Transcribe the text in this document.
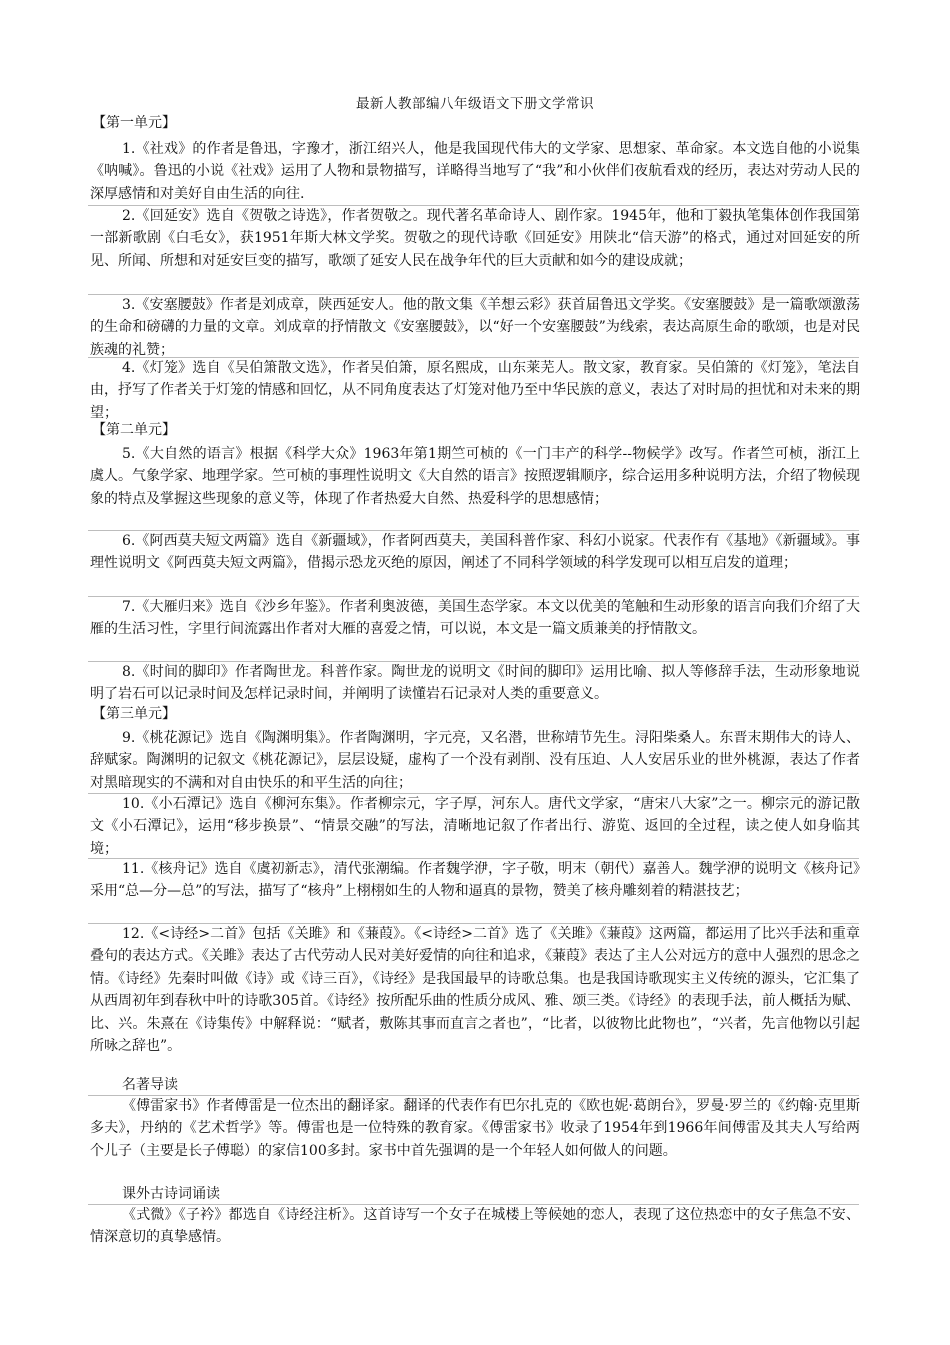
最新人教部编八年级语文下册文学常识
【第一单元】
1.《社戏》的作者是鲁迅，字豫才，浙江绍兴人，他是我国现代伟大的文学家、思想家、革命家。本文选自他的小说集《呐喊》。鲁迅的小说《社戏》运用了人物和景物描写，详略得当地写了“我”和小伙伴们夜航看戏的经历，表达对劳动人民的深厚感情和对美好自由生活的向往.
2.《回延安》选自《贺敬之诗选》，作者贺敬之。现代著名革命诗人、剧作家。1945年，他和丁毅执笔集体创作我国第一部新歌剧《白毛女》，获1951年斯大林文学奖。贺敬之的现代诗歌《回延安》用陕北“信天游”的格式，通过对回延安的所见、所闻、所想和对延安巨变的描写，歌颂了延安人民在战争年代的巨大贡献和如今的建设成就；
3.《安塞腰鼓》作者是刘成章，陕西延安人。他的散文集《羊想云彩》获首届鲁迅文学奖。《安塞腰鼓》是一篇歌颂激荡的生命和磅礴的力量的文章。刘成章的抒情散文《安塞腰鼓》，以“好一个安塞腰鼓”为线索，表达高原生命的歌颂，也是对民族魂的礼赞；
4.《灯笼》选自《吴伯箫散文选》，作者吴伯箫，原名熙成，山东莱芜人。散文家，教育家。吴伯箫的《灯笼》，笔法自由，抒写了作者关于灯笼的情感和回忆，从不同角度表达了灯笼对他乃至中华民族的意义，表达了对时局的担忧和对未来的期望；
【第二单元】
5.《大自然的语言》根据《科学大众》1963年第1期竺可桢的《一门丰产的科学--物候学》改写。作者竺可桢，浙江上虞人。气象学家、地理学家。竺可桢的事理性说明文《大自然的语言》按照逻辑顺序，综合运用多种说明方法，介绍了物候现象的特点及掌握这些现象的意义等，体现了作者热爱大自然、热爱科学的思想感情；
6.《阿西莫夫短文两篇》选自《新疆域》，作者阿西莫夫，美国科普作家、科幻小说家。代表作有《基地》《新疆域》。事理性说明文《阿西莫夫短文两篇》，借揭示恐龙灭绝的原因，阐述了不同科学领域的科学发现可以相互启发的道理；
7.《大雁归来》选自《沙乡年鉴》。作者利奥波德，美国生态学家。本文以优美的笔触和生动形象的语言向我们介绍了大雁的生活习性，字里行间流露出作者对大雁的喜爱之情，可以说，本文是一篇文质兼美的抒情散文。
8.《时间的脚印》作者陶世龙。科普作家。陶世龙的说明文《时间的脚印》运用比喻、拟人等修辞手法，生动形象地说明了岩石可以记录时间及怎样记录时间，并阐明了读懂岩石记录对人类的重要意义。
【第三单元】
9.《桃花源记》选自《陶渊明集》。作者陶渊明，字元亮，又名潜，世称靖节先生。浔阳柴桑人。东晋末期伟大的诗人、辞赋家。陶渊明的记叙文《桃花源记》，层层设疑，虚构了一个没有剥削、没有压迫、人人安居乐业的世外桃源，表达了作者对黑暗现实的不满和对自由快乐的和平生活的向往；
10.《小石潭记》选自《柳河东集》。作者柳宗元，字子厚，河东人。唐代文学家，“唐宋八大家”之一。柳宗元的游记散文《小石潭记》，运用“移步换景”、“情景交融”的写法，清晰地记叙了作者出行、游览、返回的全过程，读之使人如身临其境；
11.《核舟记》选自《虞初新志》，清代张潮编。作者魏学洢，字子敬，明末（朝代）嘉善人。魏学洢的说明文《核舟记》采用“总—分—总”的写法，描写了“核舟”上栩栩如生的人物和逼真的景物，赞美了核舟雕刻着的精湛技艺；
12.《<诗经>二首》包括《关雎》和《蒹葭》。《<诗经>二首》选了《关雎》《蒹葭》这两篇，都运用了比兴手法和重章叠句的表达方式。《关雎》表达了古代劳动人民对美好爱情的向往和追求，《蒹葭》表达了主人公对远方的意中人强烈的思念之情。《诗经》先秦时叫做《诗》或《诗三百》，《诗经》是我国最早的诗歌总集。也是我国诗歌现实主义传统的源头，它汇集了从西周初年到春秋中叶的诗歌305首。《诗经》按所配乐曲的性质分成风、雅、颂三类。《诗经》的表现手法，前人概括为赋、比、兴。朱熹在《诗集传》中解释说：“赋者，敷陈其事而直言之者也”，“比者，以彼物比此物也”，“兴者，先言他物以引起所咏之辞也”。
名著导读
《傅雷家书》作者傅雷是一位杰出的翻译家。翻译的代表作有巴尔扎克的《欧也妮·葛朗台》，罗曼·罗兰的《约翰·克里斯多夫》，丹纳的《艺术哲学》等。傅雷也是一位特殊的教育家。《傅雷家书》收录了1954年到1966年间傅雷及其夫人写给两个儿子（主要是长子傅聪）的家信100多封。家书中首先强调的是一个年轻人如何做人的问题。
课外古诗词诵读
《式微》《子衿》都选自《诗经注析》。这首诗写一个女子在城楼上等候她的恋人，表现了这位热恋中的女子焦急不安、情深意切的真挚感情。
